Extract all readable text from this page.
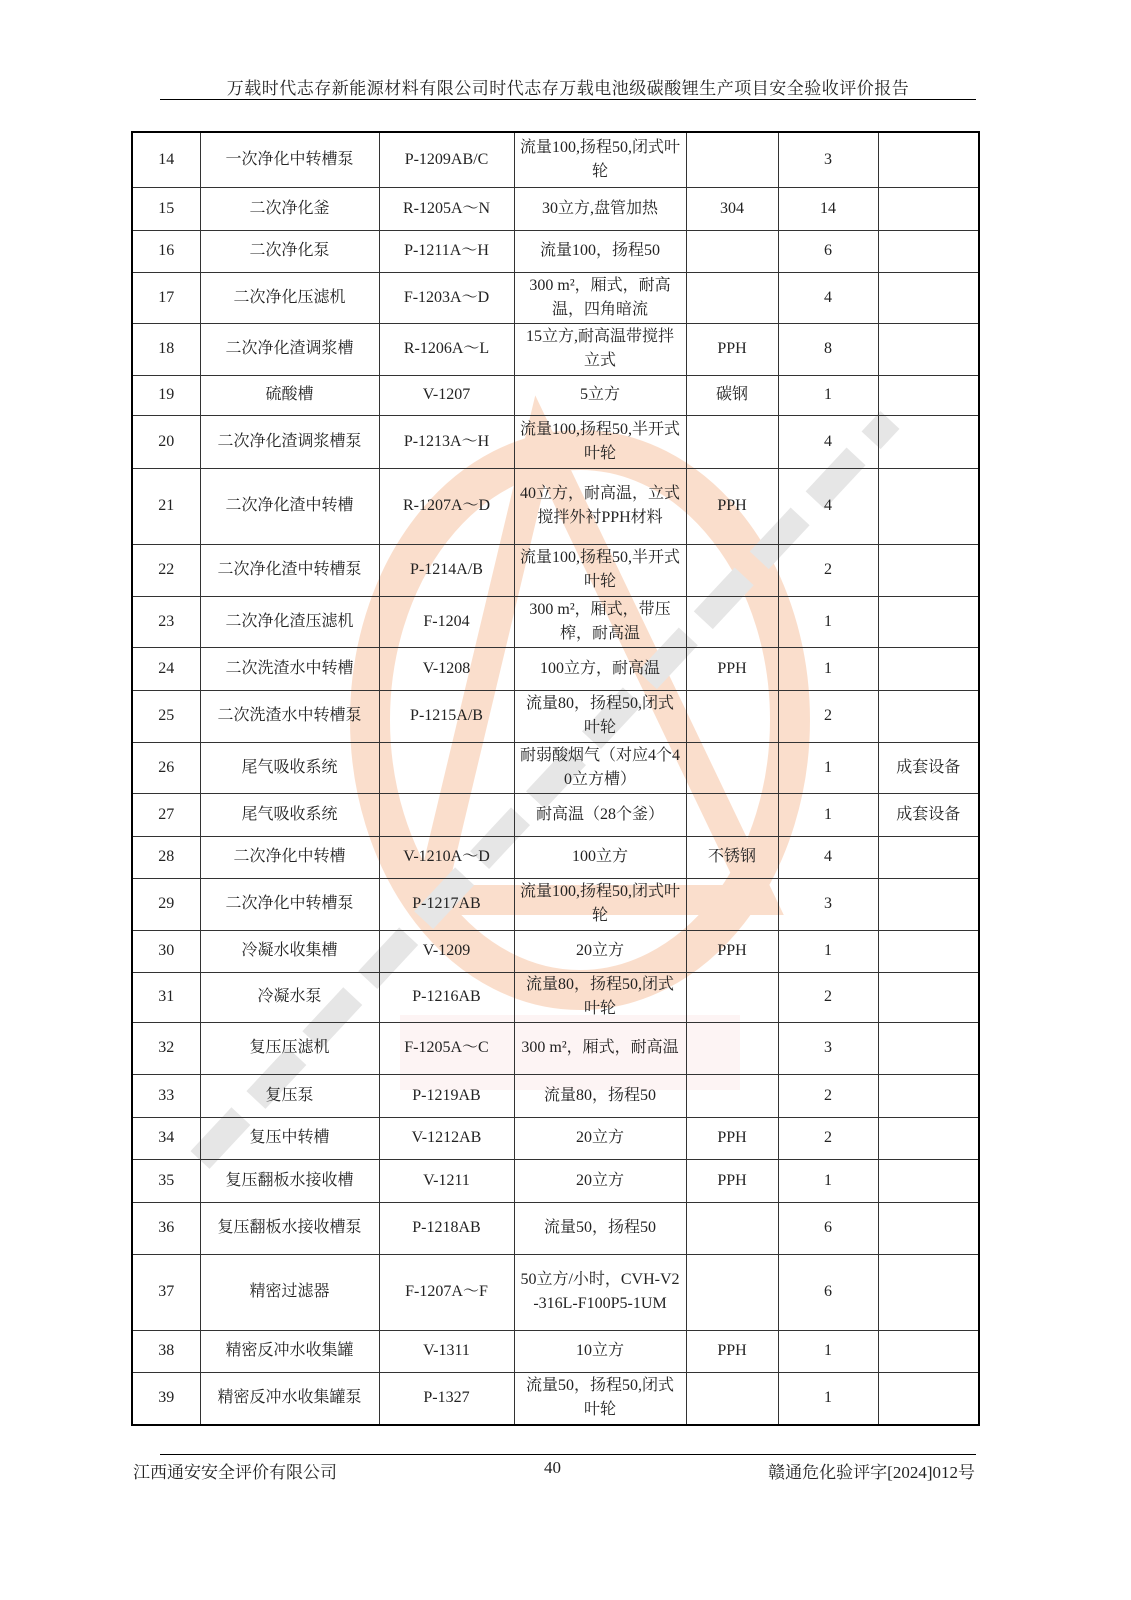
万载时代志存新能源材料有限公司时代志存万载电池级碳酸锂生产项目安全验收评价报告
14	一次净化中转槽泵	P-1209AB/C	流量100,扬程50,闭式叶轮		3	
15	二次净化釜	R-1205A～N	30立方,盘管加热	304	14	
16	二次净化泵	P-1211A～H	流量100，扬程50		6	
17	二次净化压滤机	F-1203A～D	300 m²，厢式，耐高温，四角暗流		4	
18	二次净化渣调浆槽	R-1206A～L	15立方,耐高温带搅拌立式	PPH	8	
19	硫酸槽	V-1207	5立方	碳钢	1	
20	二次净化渣调浆槽泵	P-1213A～H	流量100,扬程50,半开式叶轮		4	
21	二次净化渣中转槽	R-1207A～D	40立方，耐高温，立式搅拌外衬PPH材料	PPH	4	
22	二次净化渣中转槽泵	P-1214A/B	流量100,扬程50,半开式叶轮		2	
23	二次净化渣压滤机	F-1204	300 m²，厢式，带压榨，耐高温		1	
24	二次洗渣水中转槽	V-1208	100立方，耐高温	PPH	1	
25	二次洗渣水中转槽泵	P-1215A/B	流量80，扬程50,闭式叶轮		2	
26	尾气吸收系统		耐弱酸烟气（对应4个40立方槽）		1	成套设备
27	尾气吸收系统		耐高温（28个釜）		1	成套设备
28	二次净化中转槽	V-1210A～D	100立方	不锈钢	4	
29	二次净化中转槽泵	P-1217AB	流量100,扬程50,闭式叶轮		3	
30	冷凝水收集槽	V-1209	20立方	PPH	1	
31	冷凝水泵	P-1216AB	流量80，扬程50,闭式叶轮		2	
32	复压压滤机	F-1205A～C	300 m²，厢式，耐高温		3	
33	复压泵	P-1219AB	流量80，扬程50		2	
34	复压中转槽	V-1212AB	20立方	PPH	2	
35	复压翻板水接收槽	V-1211	20立方	PPH	1	
36	复压翻板水接收槽泵	P-1218AB	流量50，扬程50		6	
37	精密过滤器	F-1207A～F	50立方/小时，CVH-V2-316L-F100P5-1UM		6	
38	精密反冲水收集罐	V-1311	10立方	PPH	1	
39	精密反冲水收集罐泵	P-1327	流量50，扬程50,闭式叶轮		1	
江西通安安全评价有限公司	40	赣通危化验评字[2024]012号
